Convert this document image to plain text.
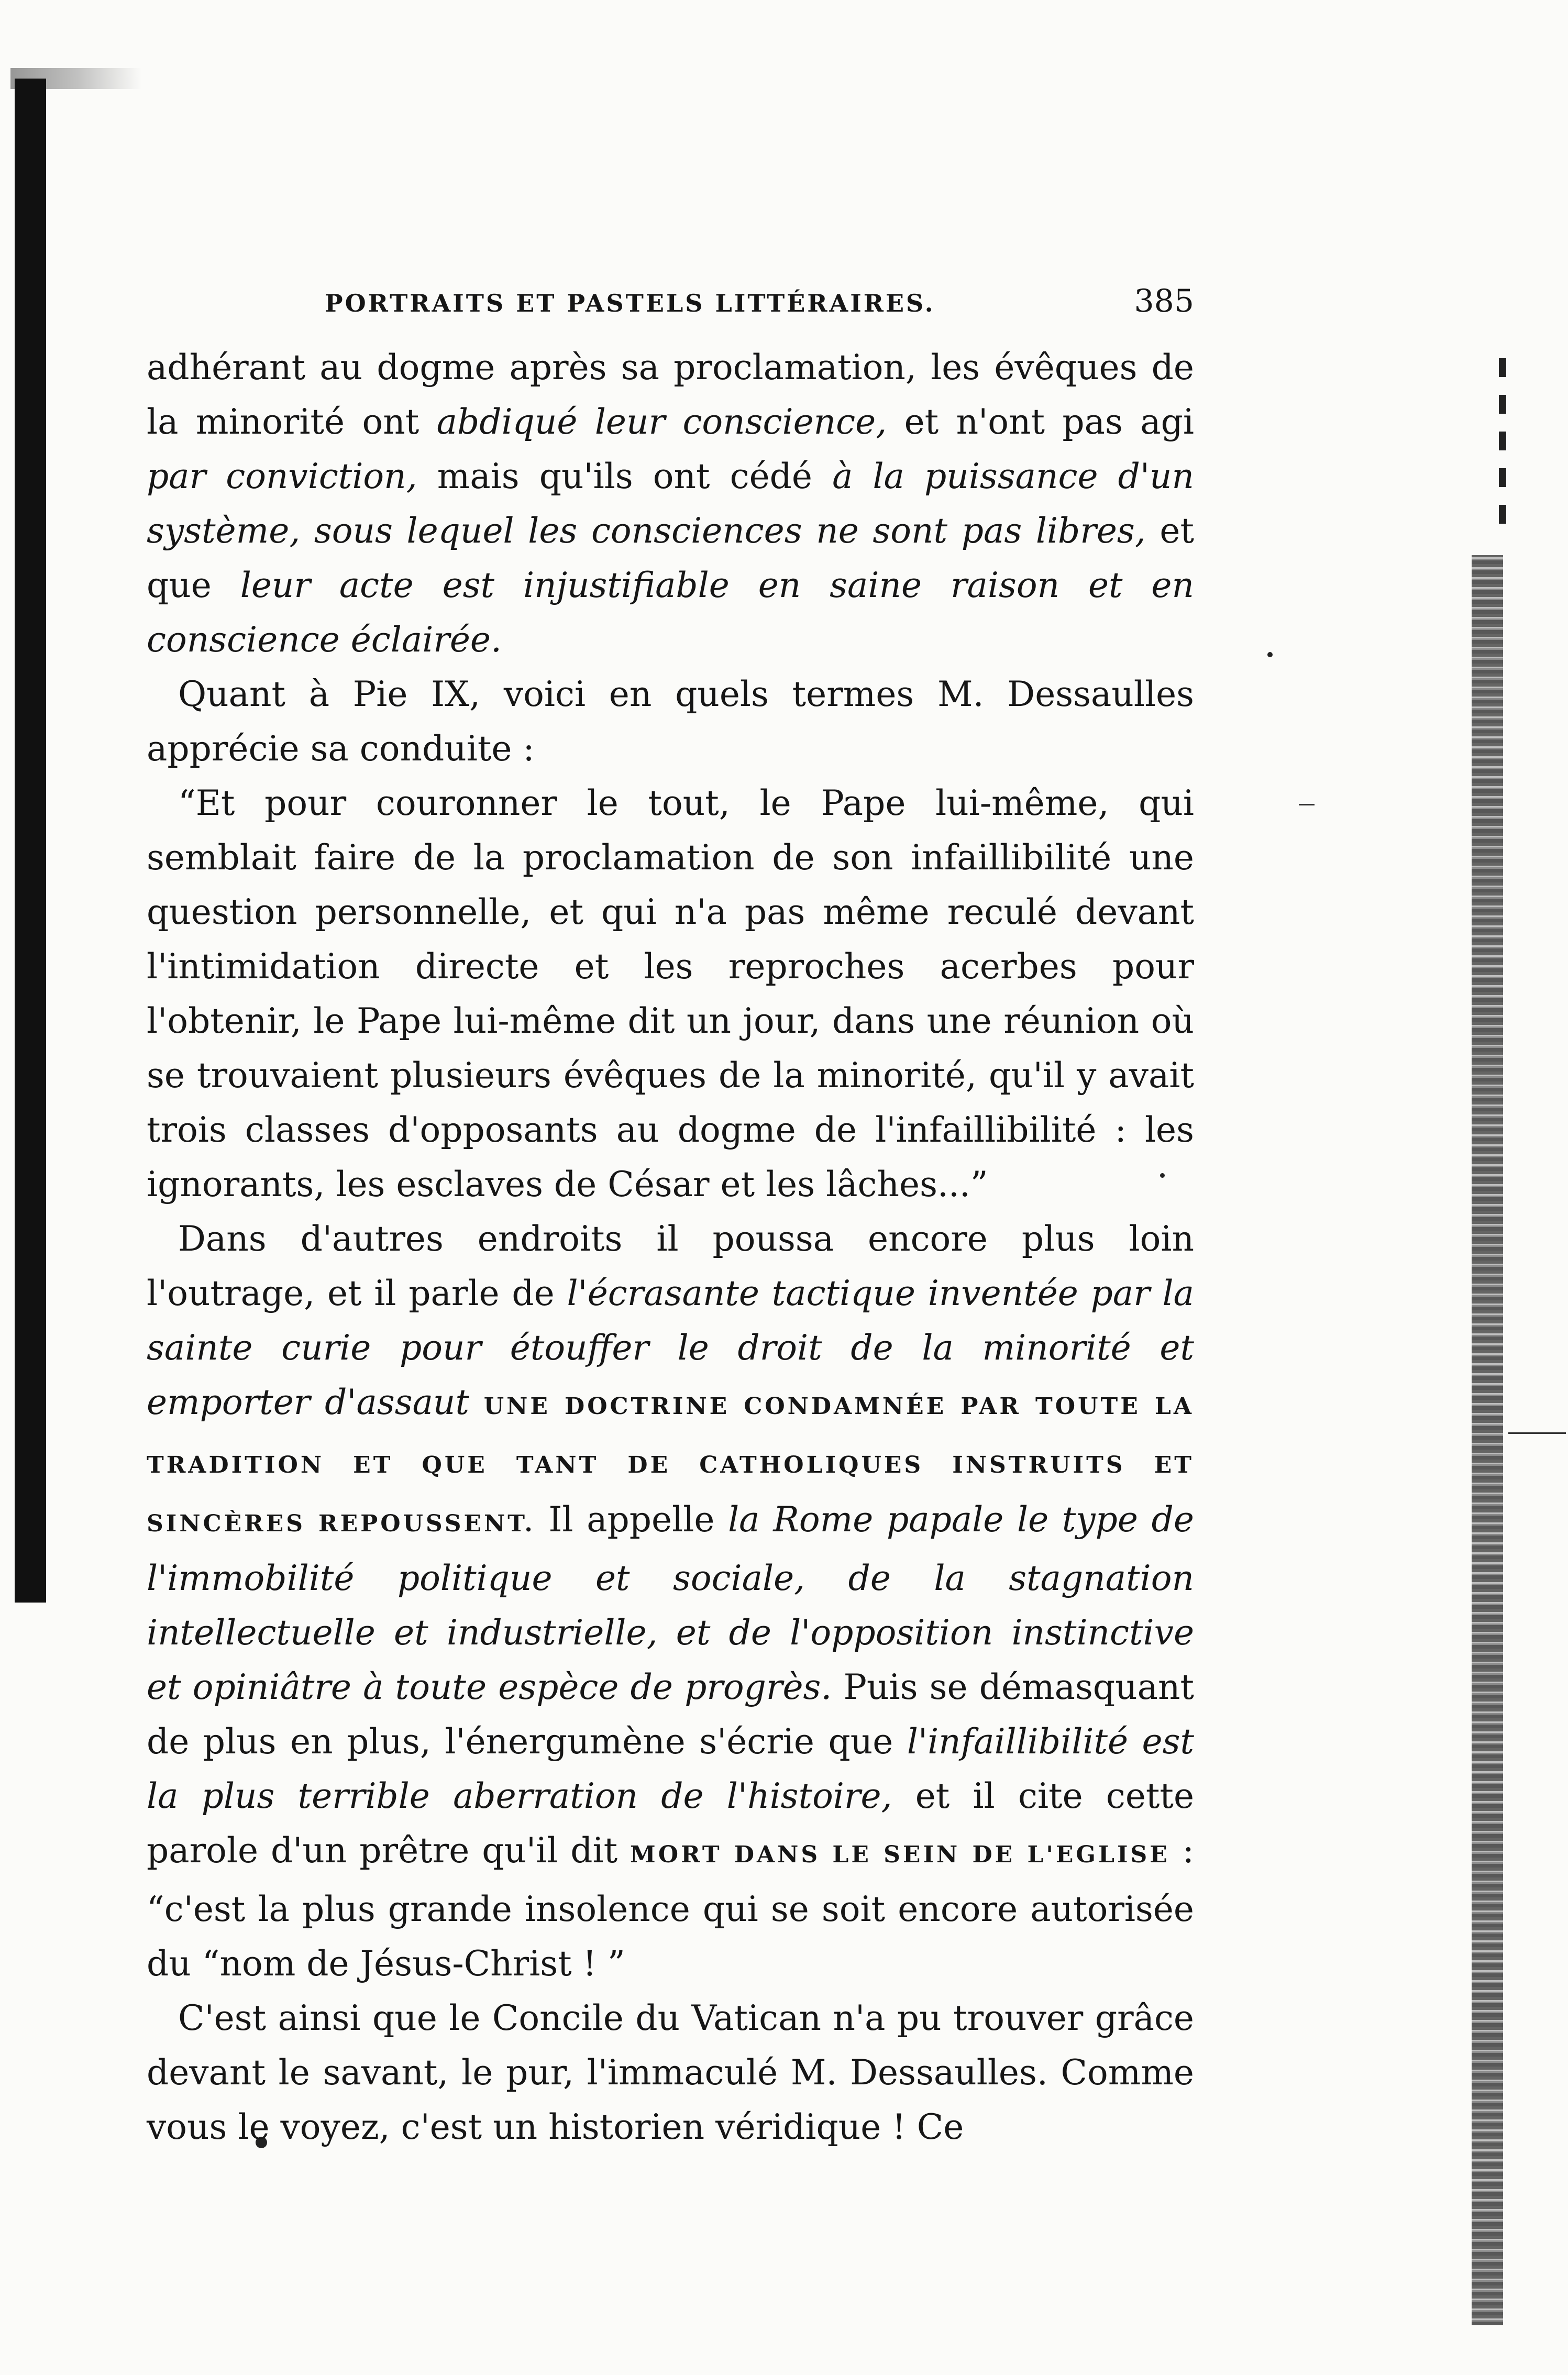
PORTRAITS ET PASTELS LITTÉRAIRES.	385

adhérant au dogme après sa proclamation, les évêques de la minorité ont abdiqué leur conscience, et n'ont pas agi par conviction, mais qu'ils ont cédé à la puissance d'un système, sous lequel les consciences ne sont pas libres, et que leur acte est injustifiable en saine raison et en conscience éclairée.

Quant à Pie IX, voici en quels termes M. Dessaulles apprécie sa conduite :

“Et pour couronner le tout, le Pape lui-même, qui semblait faire de la proclamation de son infaillibilité une question personnelle, et qui n'a pas même reculé devant l'intimidation directe et les reproches acerbes pour l'obtenir, le Pape lui-même dit un jour, dans une réunion où se trouvaient plusieurs évêques de la minorité, qu'il y avait trois classes d'opposants au dogme de l'infaillibilité : les ignorants, les esclaves de César et les lâches...”

Dans d'autres endroits il poussa encore plus loin l'outrage, et il parle de l'écrasante tactique inventée par la sainte curie pour étouffer le droit de la minorité et emporter d'assaut UNE DOCTRINE CONDAMNÉE PAR TOUTE LA TRADITION ET QUE TANT DE CATHOLIQUES INSTRUITS ET SINCÈRES REPOUSSENT. Il appelle la Rome papale le type de l'immobilité politique et sociale, de la stagnation intellectuelle et industrielle, et de l'opposition instinctive et opiniâtre à toute espèce de progrès. Puis se démasquant de plus en plus, l'énergumène s'écrie que l'infaillibilité est la plus terrible aberration de l'histoire, et il cite cette parole d'un prêtre qu'il dit MORT DANS LE SEIN DE L'EGLISE : “c'est la plus grande insolence qui se soit encore autorisée du “nom de Jésus-Christ ! ”

C'est ainsi que le Concile du Vatican n'a pu trouver grâce devant le savant, le pur, l'immaculé M. Dessaulles. Comme vous le voyez, c'est un historien véridique ! Ce
